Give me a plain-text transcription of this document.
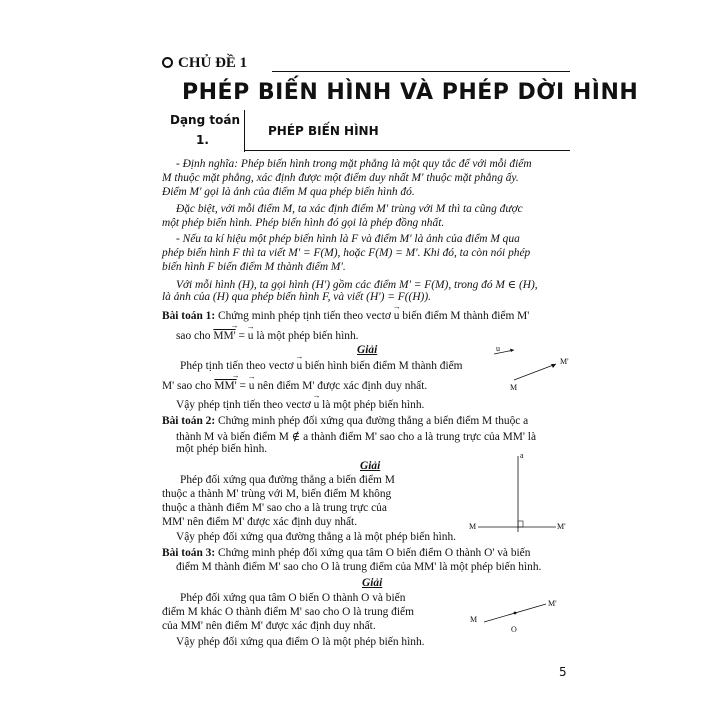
CHỦ ĐỀ 1
PHÉP BIẾN HÌNH VÀ PHÉP DỜI HÌNH
Dạng toán
1.
PHÉP BIẾN HÌNH
- Định nghĩa: Phép biến hình trong mặt phẳng là một quy tắc để với mỗi điểm
M thuộc mặt phẳng, xác định được một điểm duy nhất M' thuộc mặt phẳng ấy.
Điểm M' gọi là ảnh của điểm M qua phép biến hình đó.
Đặc biệt, với mỗi điểm M, ta xác định điểm M' trùng với M thì ta cũng được
một phép biến hình. Phép biến hình đó gọi là phép đồng nhất.
- Nếu ta kí hiệu một phép biến hình là F và điểm M' là ảnh của điểm M qua
phép biến hình F thì ta viết M' = F(M), hoặc F(M) = M'. Khi đó, ta còn nói phép
biến hình F biến điểm M thành điểm M'.
Với mỗi hình (H), ta gọi hình (H') gồm các điểm M' = F(M), trong đó M ∈ (H),
là ảnh của (H) qua phép biến hình F, và viết (H') = F((H)).
Bài toán 1: Chứng minh phép tịnh tiến theo vectơ → u biến điểm M thành điểm M'
sao cho MM' → = → u là một phép biến hình.
Giải
Phép tịnh tiến theo vectơ → u biến hình biến điểm M thành điểm
M' sao cho MM' → = → u nên điểm M' được xác định duy nhất.
Vậy phép tịnh tiến theo vectơ → u là một phép biến hình.
u
M
M'
Bài toán 2: Chứng minh phép đối xứng qua đường thẳng a biến điểm M thuộc a
thành M và biến điểm M ∉ a thành điểm M' sao cho a là trung trực của MM' là
một phép biến hình.
Giải
Phép đối xứng qua đường thẳng a biến điểm M
thuộc a thành M' trùng với M, biến điểm M không
thuộc a thành điểm M' sao cho a là trung trực của
MM' nên điểm M' được xác định duy nhất.
Vậy phép đối xứng qua đường thẳng a là một phép biến hình.
a
M	M'
Bài toán 3: Chứng minh phép đối xứng qua tâm O biến điểm O thành O' và biến
điểm M thành điểm M' sao cho O là trung điểm của MM' là một phép biến hình.
Giải
Phép đối xứng qua tâm O biến O thành O và biến
điểm M khác O thành điểm M' sao cho O là trung điểm
của MM' nên điểm M' được xác định duy nhất.
Vậy phép đối xứng qua điểm O là một phép biến hình.
M
O
M'
5
